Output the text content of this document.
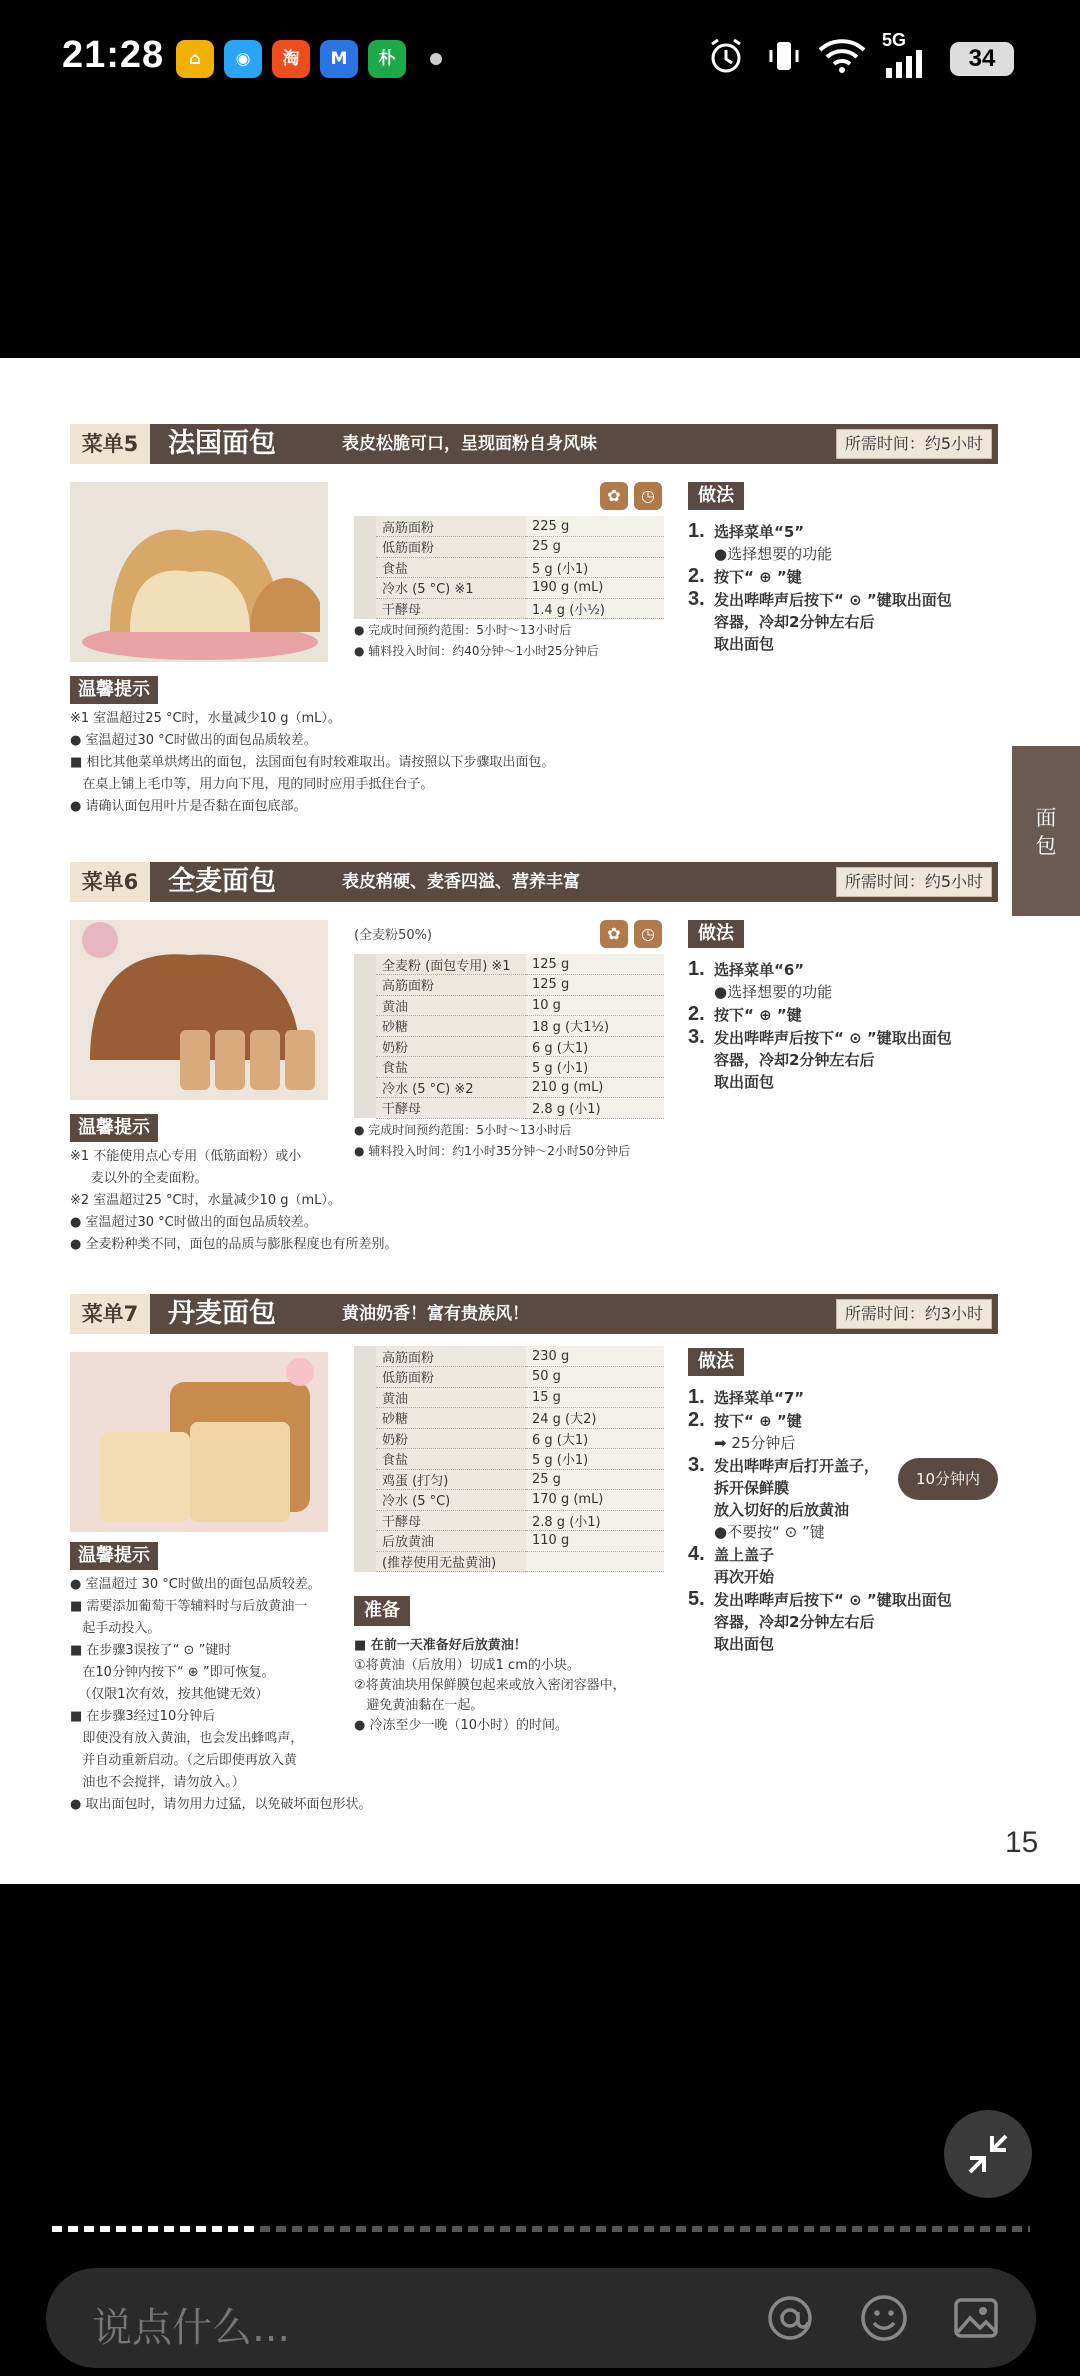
21:28	⌂	◉	淘	M	朴
5G
34
菜单5	法国面包	表皮松脆可口，呈现面粉自身风味	所需时间：约5小时
✿	◷
高筋面粉	225 g
低筋面粉	25 g
食盐	5 g (小1)
冷水 (5 °C) ※1	190 g (mL)
干酵母	1.4 g (小½)
● 完成时间预约范围：5小时～13小时后
● 辅料投入时间：约40分钟～1小时25分钟后
温馨提示
※1 室温超过25 °C时，水量减少10 g（mL）。
● 室温超过30 °C时做出的面包品质较差。
■ 相比其他菜单烘烤出的面包，法国面包有时较难取出。请按照以下步骤取出面包。
在桌上铺上毛巾等，用力向下甩，甩的同时应用手抵住台子。
● 请确认面包用叶片是否黏在面包底部。
做法
1. 选择菜单“5”
●选择想要的功能
2. 按下“ ⊕ ”键
3. 发出哔哔声后按下“ ⊙ ”键取出面包
容器，冷却2分钟左右后
取出面包
菜单6	全麦面包	表皮稍硬、麦香四溢、营养丰富	所需时间：约5小时
(全麦粉50%)	✿	◷
全麦粉 (面包专用) ※1	125 g
高筋面粉	125 g
黄油	10 g
砂糖	18 g (大1½)
奶粉	6 g (大1)
食盐	5 g (小1)
冷水 (5 °C) ※2	210 g (mL)
干酵母	2.8 g (小1)
● 完成时间预约范围：5小时～13小时后
● 辅料投入时间：约1小时35分钟～2小时50分钟后
温馨提示
※1 不能使用点心专用（低筋面粉）或小
麦以外的全麦面粉。
※2 室温超过25 °C时，水量减少10 g（mL）。
● 室温超过30 °C时做出的面包品质较差。
● 全麦粉种类不同，面包的品质与膨胀程度也有所差别。
做法
1. 选择菜单“6”
●选择想要的功能
2. 按下“ ⊕ ”键
3. 发出哔哔声后按下“ ⊙ ”键取出面包
容器，冷却2分钟左右后
取出面包
菜单7	丹麦面包	黄油奶香！富有贵族风！	所需时间：约3小时
高筋面粉	230 g
低筋面粉	50 g
黄油	15 g
砂糖	24 g (大2)
奶粉	6 g (大1)
食盐	5 g (小1)
鸡蛋 (打匀)	25 g
冷水 (5 °C)	170 g (mL)
干酵母	2.8 g (小1)
后放黄油	110 g
(推荐使用无盐黄油)	
温馨提示
● 室温超过 30 °C时做出的面包品质较差。
■ 需要添加葡萄干等辅料时与后放黄油一
起手动投入。
■ 在步骤3误按了“ ⊙ ”键时
在10分钟内按下“ ⊕ ”即可恢复。
（仅限1次有效，按其他键无效）
■ 在步骤3经过10分钟后
即使没有放入黄油，也会发出蜂鸣声，
并自动重新启动。（之后即使再放入黄
油也不会搅拌，请勿放入。）
● 取出面包时，请勿用力过猛，以免破坏面包形状。
准备
■ 在前一天准备好后放黄油！
①将黄油（后放用）切成1 cm的小块。
②将黄油块用保鲜膜包起来或放入密闭容器中，
避免黄油黏在一起。
● 冷冻至少一晚（10小时）的时间。
做法
1. 选择菜单“7”
2. 按下“ ⊕ ”键
➡ 25分钟后
3. 发出哔哔声后打开盖子，
拆开保鲜膜
放入切好的后放黄油
●不要按“ ⊙ ”键
4. 盖上盖子
再次开始
5. 发出哔哔声后按下“ ⊙ ”键取出面包
容器，冷却2分钟左右后
取出面包
10分钟内
15
面包
说点什么...
